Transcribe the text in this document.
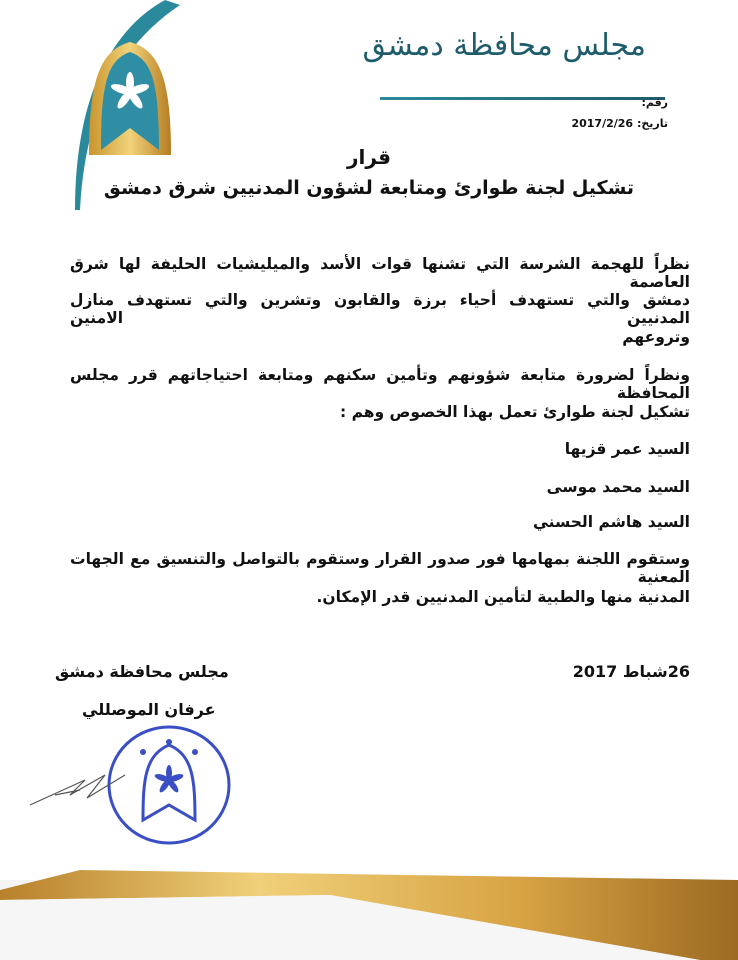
مجلس محافظة دمشق
رقم:
تاريخ: 2017/2/26
قرار
تشكيل لجنة طوارئ ومتابعة لشؤون المدنيين شرق دمشق
نظراً للهجمة الشرسة التي تشنها قوات الأسد والميليشيات الحليفة لها شرق العاصمة
دمشق والتي تستهدف أحياء برزة والقابون وتشرين والتي تستهدف منازل المدنيين الامنين
وتروعهم
ونظراً لضرورة متابعة شؤونهم وتأمين سكنهم ومتابعة احتياجاتهم قرر مجلس المحافظة
تشكيل لجنة طوارئ تعمل بهذا الخصوص وهم :
السيد عمر قزيها
السيد محمد موسى
السيد هاشم الحسني
وستقوم اللجنة بمهامها فور صدور القرار وستقوم بالتواصل والتنسيق مع الجهات المعنية
المدنية منها والطبية لتأمين المدنيين قدر الإمكان.
26شباط 2017
مجلس محافظة دمشق
عرفان الموصللي
